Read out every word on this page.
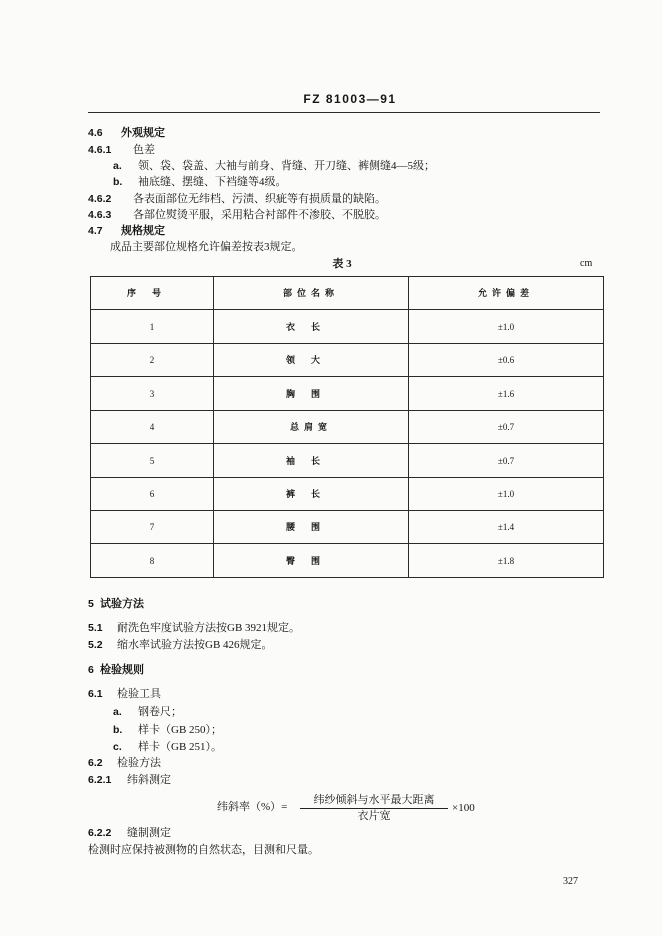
FZ 81003—91
4.6 外观规定
4.6.1 色差
a. 领、袋、袋盖、大袖与前身、背缝、开刀缝、裤侧缝4—5级；
b. 袖底缝、摆缝、下裆缝等4级。
4.6.2 各表面部位无纬档、污渍、织疵等有损质量的缺陷。
4.6.3 各部位熨烫平服，采用粘合衬部件不渗胶、不脱胶。
4.7 规格规定
成品主要部位规格允许偏差按表3规定。
表 3	cm
序号	部位名称	允许偏差
1	衣长	±1.0
2	领大	±0.6
3	胸围	±1.6
4	总肩宽	±0.7
5	袖长	±0.7
6	裤长	±1.0
7	腰围	±1.4
8	臀围	±1.8
5 试验方法
5.1 耐洗色牢度试验方法按GB 3921规定。
5.2 缩水率试验方法按GB 426规定。
6 检验规则
6.1 检验工具
a. 钢卷尺；
b. 样卡（GB 250）；
c. 样卡（GB 251）。
6.2 检验方法
6.2.1 纬斜测定
纬斜率（%）=
纬纱倾斜与水平最大距离
衣片宽
×100
6.2.2 缝制测定
检测时应保持被测物的自然状态，目测和尺量。
327
